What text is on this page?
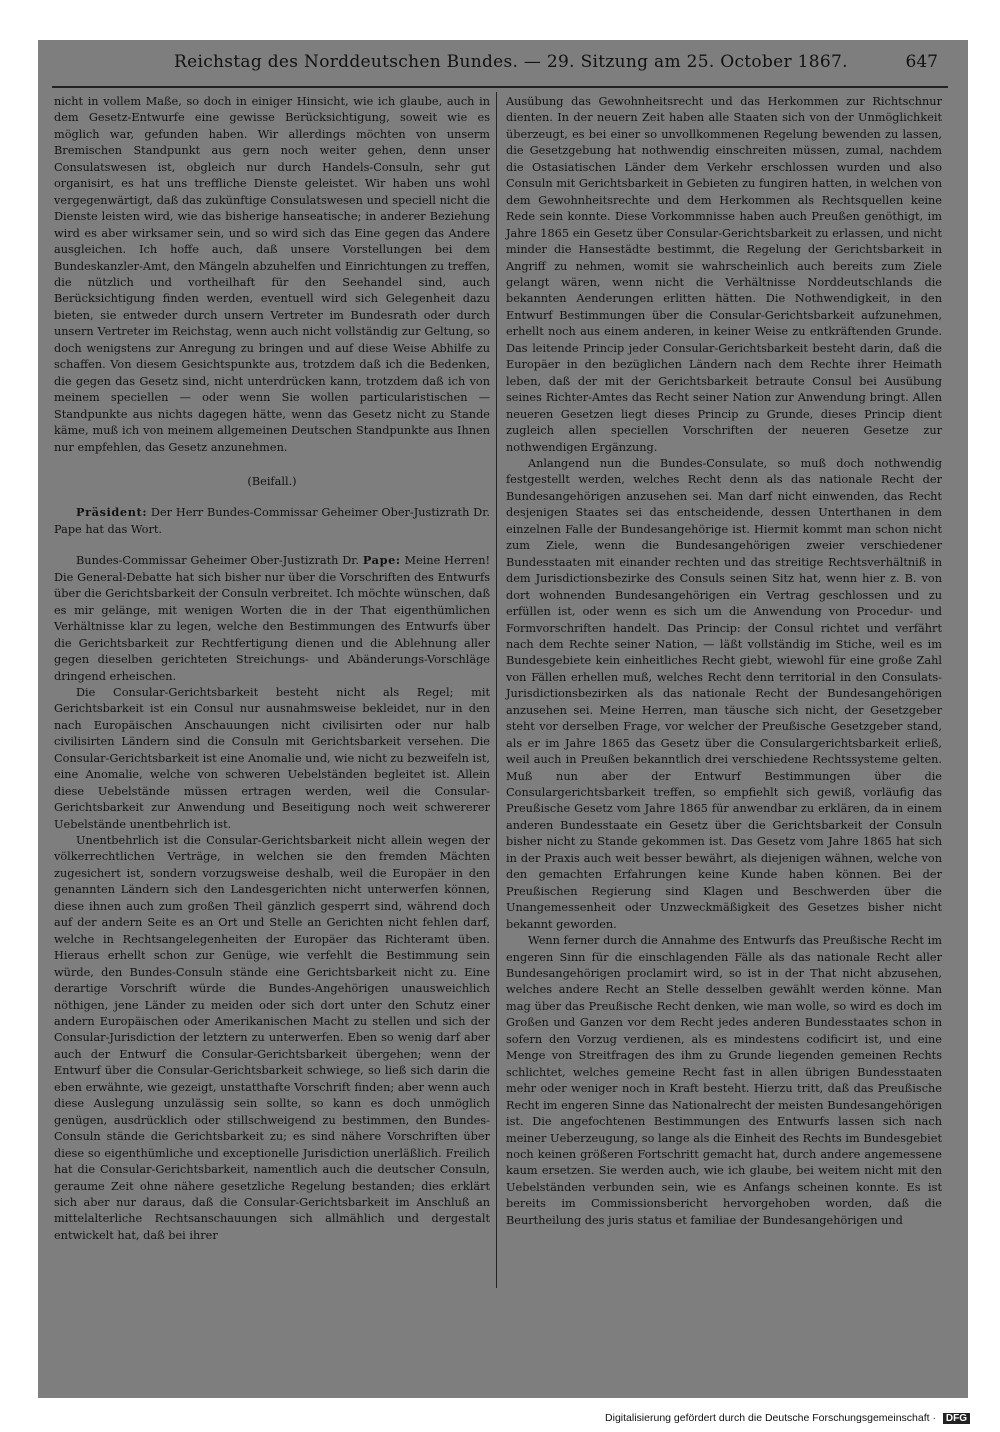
Reichstag des Norddeutschen Bundes. — 29. Sitzung am 25. October 1867.	647

nicht in vollem Maße, so doch in einiger Hinsicht, wie ich glaube, auch in dem Gesetz-Entwurfe eine gewisse Berücksichtigung, soweit wie es möglich war, gefunden haben. Wir allerdings möchten von unserm Bremischen Standpunkt aus gern noch weiter gehen, denn unser Consulatswesen ist, obgleich nur durch Handels-Consuln, sehr gut organisirt, es hat uns treffliche Dienste geleistet. Wir haben uns wohl vergegenwärtigt, daß das zukünftige Consulatswesen und speciell nicht die Dienste leisten wird, wie das bisherige hanseatische; in anderer Beziehung wird es aber wirksamer sein, und so wird sich das Eine gegen das Andere ausgleichen. Ich hoffe auch, daß unsere Vorstellungen bei dem Bundeskanzler-Amt, den Mängeln abzuhelfen und Einrichtungen zu treffen, die nützlich und vortheilhaft für den Seehandel sind, auch Berücksichtigung finden werden, eventuell wird sich Gelegenheit dazu bieten, sie entweder durch unsern Vertreter im Bundesrath oder durch unsern Vertreter im Reichstag, wenn auch nicht vollständig zur Geltung, so doch wenigstens zur Anregung zu bringen und auf diese Weise Abhilfe zu schaffen. Von diesem Gesichtspunkte aus, trotzdem daß ich die Bedenken, die gegen das Gesetz sind, nicht unterdrücken kann, trotzdem daß ich von meinem speciellen — oder wenn Sie wollen particularistischen — Standpunkte aus nichts dagegen hätte, wenn das Gesetz nicht zu Stande käme, muß ich von meinem allgemeinen Deutschen Standpunkte aus Ihnen nur empfehlen, das Gesetz anzunehmen.

(Beifall.)

Präsident: Der Herr Bundes-Commissar Geheimer Ober-Justizrath Dr. Pape hat das Wort.

Bundes-Commissar Geheimer Ober-Justizrath Dr. Pape: Meine Herren! Die General-Debatte hat sich bisher nur über die Vorschriften des Entwurfs über die Gerichtsbarkeit der Consuln verbreitet. Ich möchte wünschen, daß es mir gelänge, mit wenigen Worten die in der That eigenthümlichen Verhältnisse klar zu legen, welche den Bestimmungen des Entwurfs über die Gerichtsbarkeit zur Rechtfertigung dienen und die Ablehnung aller gegen dieselben gerichteten Streichungs- und Abänderungs-Vorschläge dringend erheischen.

Die Consular-Gerichtsbarkeit besteht nicht als Regel; mit Gerichtsbarkeit ist ein Consul nur ausnahmsweise bekleidet, nur in den nach Europäischen Anschauungen nicht civilisirten oder nur halb civilisirten Ländern sind die Consuln mit Gerichtsbarkeit versehen. Die Consular-Gerichtsbarkeit ist eine Anomalie und, wie nicht zu bezweifeln ist, eine Anomalie, welche von schweren Uebelständen begleitet ist. Allein diese Uebelstände müssen ertragen werden, weil die Consular-Gerichtsbarkeit zur Anwendung und Beseitigung noch weit schwererer Uebelstände unentbehrlich ist.

Unentbehrlich ist die Consular-Gerichtsbarkeit nicht allein wegen der völkerrechtlichen Verträge, in welchen sie den fremden Mächten zugesichert ist, sondern vorzugsweise deshalb, weil die Europäer in den genannten Ländern sich den Landesgerichten nicht unterwerfen können, diese ihnen auch zum großen Theil gänzlich gesperrt sind, während doch auf der andern Seite es an Ort und Stelle an Gerichten nicht fehlen darf, welche in Rechtsangelegenheiten der Europäer das Richteramt üben. Hieraus erhellt schon zur Genüge, wie verfehlt die Bestimmung sein würde, den Bundes-Consuln stände eine Gerichtsbarkeit nicht zu. Eine derartige Vorschrift würde die Bundes-Angehörigen unausweichlich nöthigen, jene Länder zu meiden oder sich dort unter den Schutz einer andern Europäischen oder Amerikanischen Macht zu stellen und sich der Consular-Jurisdiction der letztern zu unterwerfen. Eben so wenig darf aber auch der Entwurf die Consular-Gerichtsbarkeit übergehen; wenn der Entwurf über die Consular-Gerichtsbarkeit schwiege, so ließ sich darin die eben erwähnte, wie gezeigt, unstatthafte Vorschrift finden; aber wenn auch diese Auslegung unzulässig sein sollte, so kann es doch unmöglich genügen, ausdrücklich oder stillschweigend zu bestimmen, den Bundes-Consuln stände die Gerichtsbarkeit zu; es sind nähere Vorschriften über diese so eigenthümliche und exceptionelle Jurisdiction unerläßlich. Freilich hat die Consular-Gerichtsbarkeit, namentlich auch die deutscher Consuln, geraume Zeit ohne nähere gesetzliche Regelung bestanden; dies erklärt sich aber nur daraus, daß die Consular-Gerichtsbarkeit im Anschluß an mittelalterliche Rechtsanschauungen sich allmählich und dergestalt entwickelt hat, daß bei ihrer

Ausübung das Gewohnheitsrecht und das Herkommen zur Richtschnur dienten. In der neuern Zeit haben alle Staaten sich von der Unmöglichkeit überzeugt, es bei einer so unvollkommenen Regelung bewenden zu lassen, die Gesetzgebung hat nothwendig einschreiten müssen, zumal, nachdem die Ostasiatischen Länder dem Verkehr erschlossen wurden und also Consuln mit Gerichtsbarkeit in Gebieten zu fungiren hatten, in welchen von dem Gewohnheitsrechte und dem Herkommen als Rechtsquellen keine Rede sein konnte. Diese Vorkommnisse haben auch Preußen genöthigt, im Jahre 1865 ein Gesetz über Consular-Gerichtsbarkeit zu erlassen, und nicht minder die Hansestädte bestimmt, die Regelung der Gerichtsbarkeit in Angriff zu nehmen, womit sie wahrscheinlich auch bereits zum Ziele gelangt wären, wenn nicht die Verhältnisse Norddeutschlands die bekannten Aenderungen erlitten hätten. Die Nothwendigkeit, in den Entwurf Bestimmungen über die Consular-Gerichtsbarkeit aufzunehmen, erhellt noch aus einem anderen, in keiner Weise zu entkräftenden Grunde. Das leitende Princip jeder Consular-Gerichtsbarkeit besteht darin, daß die Europäer in den bezüglichen Ländern nach dem Rechte ihrer Heimath leben, daß der mit der Gerichtsbarkeit betraute Consul bei Ausübung seines Richter-Amtes das Recht seiner Nation zur Anwendung bringt. Allen neueren Gesetzen liegt dieses Princip zu Grunde, dieses Princip dient zugleich allen speciellen Vorschriften der neueren Gesetze zur nothwendigen Ergänzung.

Anlangend nun die Bundes-Consulate, so muß doch nothwendig festgestellt werden, welches Recht denn als das nationale Recht der Bundesangehörigen anzusehen sei. Man darf nicht einwenden, das Recht desjenigen Staates sei das entscheidende, dessen Unterthanen in dem einzelnen Falle der Bundesangehörige ist. Hiermit kommt man schon nicht zum Ziele, wenn die Bundesangehörigen zweier verschiedener Bundesstaaten mit einander rechten und das streitige Rechtsverhältniß in dem Jurisdictionsbezirke des Consuls seinen Sitz hat, wenn hier z. B. von dort wohnenden Bundesangehörigen ein Vertrag geschlossen und zu erfüllen ist, oder wenn es sich um die Anwendung von Procedur- und Formvorschriften handelt. Das Princip: der Consul richtet und verfährt nach dem Rechte seiner Nation, — läßt vollständig im Stiche, weil es im Bundesgebiete kein einheitliches Recht giebt, wiewohl für eine große Zahl von Fällen erhellen muß, welches Recht denn territorial in den Consulats-Jurisdictionsbezirken als das nationale Recht der Bundesangehörigen anzusehen sei. Meine Herren, man täusche sich nicht, der Gesetzgeber steht vor derselben Frage, vor welcher der Preußische Gesetzgeber stand, als er im Jahre 1865 das Gesetz über die Consulargerichtsbarkeit erließ, weil auch in Preußen bekanntlich drei verschiedene Rechtssysteme gelten. Muß nun aber der Entwurf Bestimmungen über die Consulargerichtsbarkeit treffen, so empfiehlt sich gewiß, vorläufig das Preußische Gesetz vom Jahre 1865 für anwendbar zu erklären, da in einem anderen Bundesstaate ein Gesetz über die Gerichtsbarkeit der Consuln bisher nicht zu Stande gekommen ist. Das Gesetz vom Jahre 1865 hat sich in der Praxis auch weit besser bewährt, als diejenigen wähnen, welche von den gemachten Erfahrungen keine Kunde haben können. Bei der Preußischen Regierung sind Klagen und Beschwerden über die Unangemessenheit oder Unzweckmäßigkeit des Gesetzes bisher nicht bekannt geworden.

Wenn ferner durch die Annahme des Entwurfs das Preußische Recht im engeren Sinn für die einschlagenden Fälle als das nationale Recht aller Bundesangehörigen proclamirt wird, so ist in der That nicht abzusehen, welches andere Recht an Stelle desselben gewählt werden könne. Man mag über das Preußische Recht denken, wie man wolle, so wird es doch im Großen und Ganzen vor dem Recht jedes anderen Bundesstaates schon in sofern den Vorzug verdienen, als es mindestens codificirt ist, und eine Menge von Streitfragen des ihm zu Grunde liegenden gemeinen Rechts schlichtet, welches gemeine Recht fast in allen übrigen Bundesstaaten mehr oder weniger noch in Kraft besteht. Hierzu tritt, daß das Preußische Recht im engeren Sinne das Nationalrecht der meisten Bundesangehörigen ist. Die angefochtenen Bestimmungen des Entwurfs lassen sich nach meiner Ueberzeugung, so lange als die Einheit des Rechts im Bundesgebiet noch keinen größeren Fortschritt gemacht hat, durch andere angemessene kaum ersetzen. Sie werden auch, wie ich glaube, bei weitem nicht mit den Uebelständen verbunden sein, wie es Anfangs scheinen konnte. Es ist bereits im Commissionsbericht hervorgehoben worden, daß die Beurtheilung des juris status et familiae der Bundesangehörigen und

Digitalisierung gefördert durch die Deutsche Forschungsgemeinschaft · DFG
